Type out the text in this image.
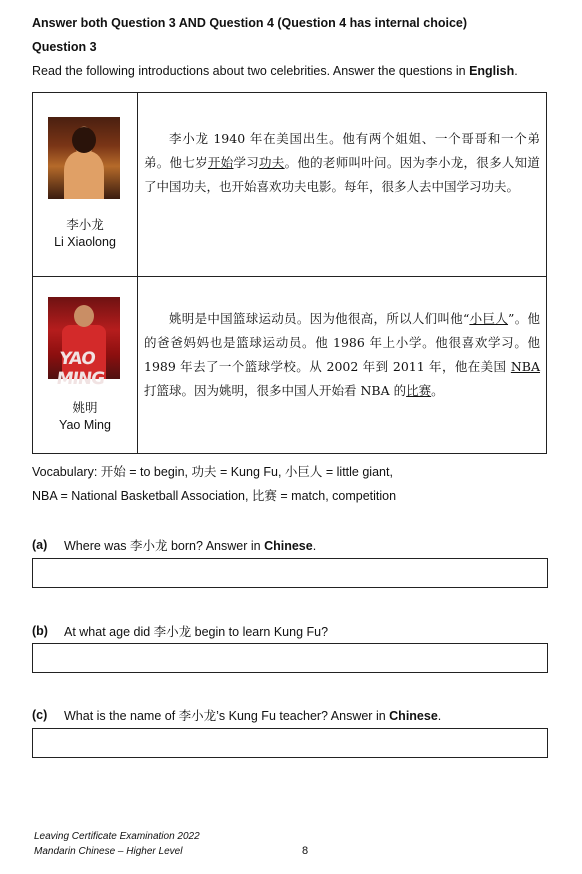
Answer both Question 3 AND Question 4 (Question 4 has internal choice)
Question 3
Read the following introductions about two celebrities. Answer the questions in English.
李小龙
Li Xiaolong	李小龙 1940 年在美国出生。他有两个姐姐、一个哥哥和一个弟弟。他七岁开始学习功夫。他的老师叫叶问。因为李小龙，很多人知道了中国功夫，也开始喜欢功夫电影。每年，很多人去中国学习功夫。

YAO MING
姚明
Yao Ming	姚明是中国篮球运动员。因为他很高，所以人们叫他“小巨人”。他的爸爸妈妈也是篮球运动员。他 1986 年上小学。他很喜欢学习。他 1989 年去了一个篮球学校。从 2002 年到 2011 年，他在美国 NBA 打篮球。因为姚明，很多中国人开始看 NBA 的比赛。
Vocabulary: 开始 = to begin, 功夫 = Kung Fu, 小巨人 = little giant,
NBA = National Basketball Association, 比赛 = match, competition
(a) Where was 李小龙 born? Answer in Chinese.
(b) At what age did 李小龙 begin to learn Kung Fu?
(c) What is the name of 李小龙’s Kung Fu teacher? Answer in Chinese.
Leaving Certificate Examination 2022
Mandarin Chinese – Higher Level	8
